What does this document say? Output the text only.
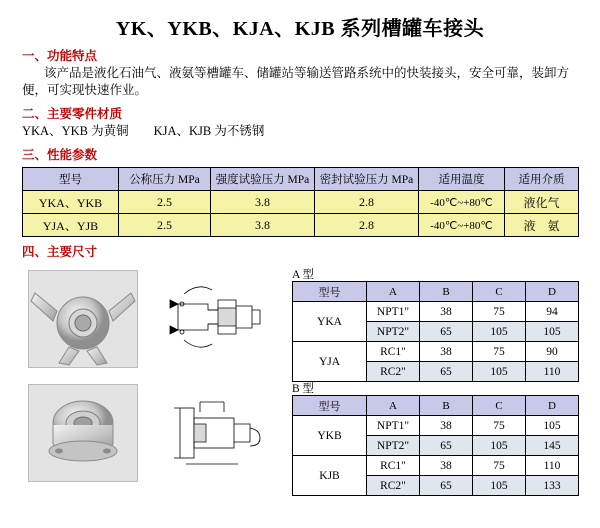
YK、YKB、KJA、KJB 系列槽罐车接头
一、功能特点
该产品是液化石油气、液氨等槽罐车、储罐站等输送管路系统中的快装接头，安全可靠，装卸方便，可实现快速作业。
二、主要零件材质
YKA、YKB 为黄铜　　KJA、KJB 为不锈钢
三、性能参数
型号	公称压力 MPa	强度试验压力 MPa	密封试验压力 MPa	适用温度	适用介质
YKA、YKB	2.5	3.8	2.8	-40℃~+80℃	液化气
YJA、YJB	2.5	3.8	2.8	-40℃~+80℃	液　氨
四、主要尺寸
A 型
型号	A	B	C	D
YKA	NPT1"	38	75	94
	NPT2"	65	105	105
YJA	RC1"	38	75	90
	RC2"	65	105	110
B 型
型号	A	B	C	D
YKB	NPT1"	38	75	105
	NPT2"	65	105	145
KJB	RC1"	38	75	110
	RC2"	65	105	133
